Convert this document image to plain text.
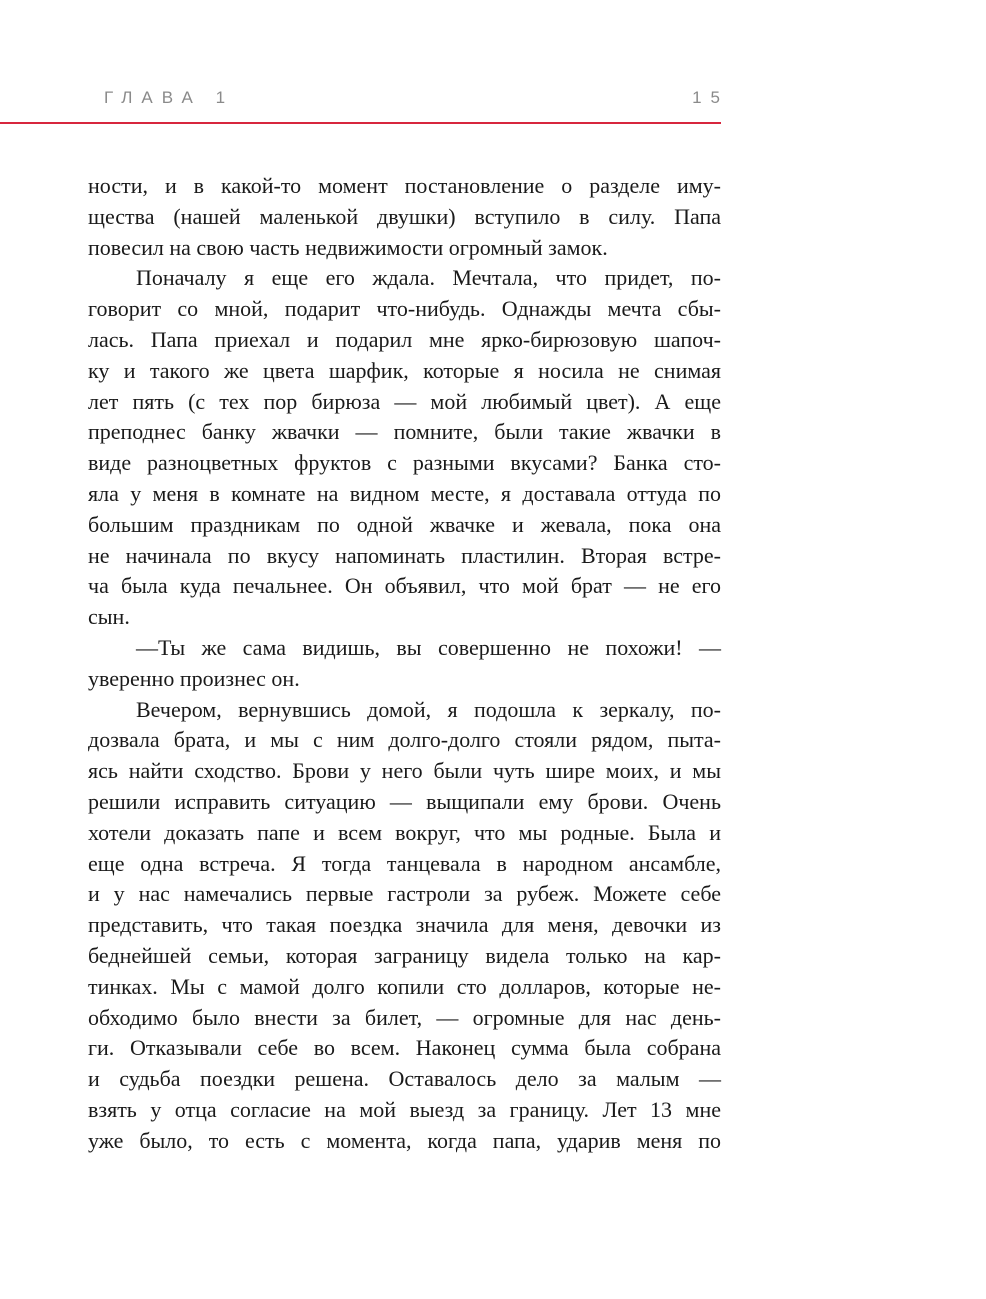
ГЛАВА 1	15
ности, и в какой-то момент постановление о разделе иму-
щества (нашей маленькой двушки) вступило в силу. Папа
повесил на свою часть недвижимости огромный замок.
Поначалу я еще его ждала. Мечтала, что придет, по-
говорит со мной, подарит что-нибудь. Однажды мечта сбы-
лась. Папа приехал и подарил мне ярко-бирюзовую шапоч-
ку и такого же цвета шарфик, которые я носила не снимая
лет пять (с тех пор бирюза — мой любимый цвет). А еще
преподнес банку жвачки — помните, были такие жвачки в
виде разноцветных фруктов с разными вкусами? Банка сто-
яла у меня в комнате на видном месте, я доставала оттуда по
большим праздникам по одной жвачке и жевала, пока она
не начинала по вкусу напоминать пластилин. Вторая встре-
ча была куда печальнее. Он объявил, что мой брат — не его
сын.
—Ты же сама видишь, вы совершенно не похожи! —
уверенно произнес он.
Вечером, вернувшись домой, я подошла к зеркалу, по-
дозвала брата, и мы с ним долго-долго стояли рядом, пыта-
ясь найти сходство. Брови у него были чуть шире моих, и мы
решили исправить ситуацию — выщипали ему брови. Очень
хотели доказать папе и всем вокруг, что мы родные. Была и
еще одна встреча. Я тогда танцевала в народном ансамбле,
и у нас намечались первые гастроли за рубеж. Можете себе
представить, что такая поездка значила для меня, девочки из
беднейшей семьи, которая заграницу видела только на кар-
тинках. Мы с мамой долго копили сто долларов, которые не-
обходимо было внести за билет, — огромные для нас день-
ги. Отказывали себе во всем. Наконец сумма была собрана
и судьба поездки решена. Оставалось дело за малым —
взять у отца согласие на мой выезд за границу. Лет 13 мне
уже было, то есть с момента, когда папа, ударив меня по
